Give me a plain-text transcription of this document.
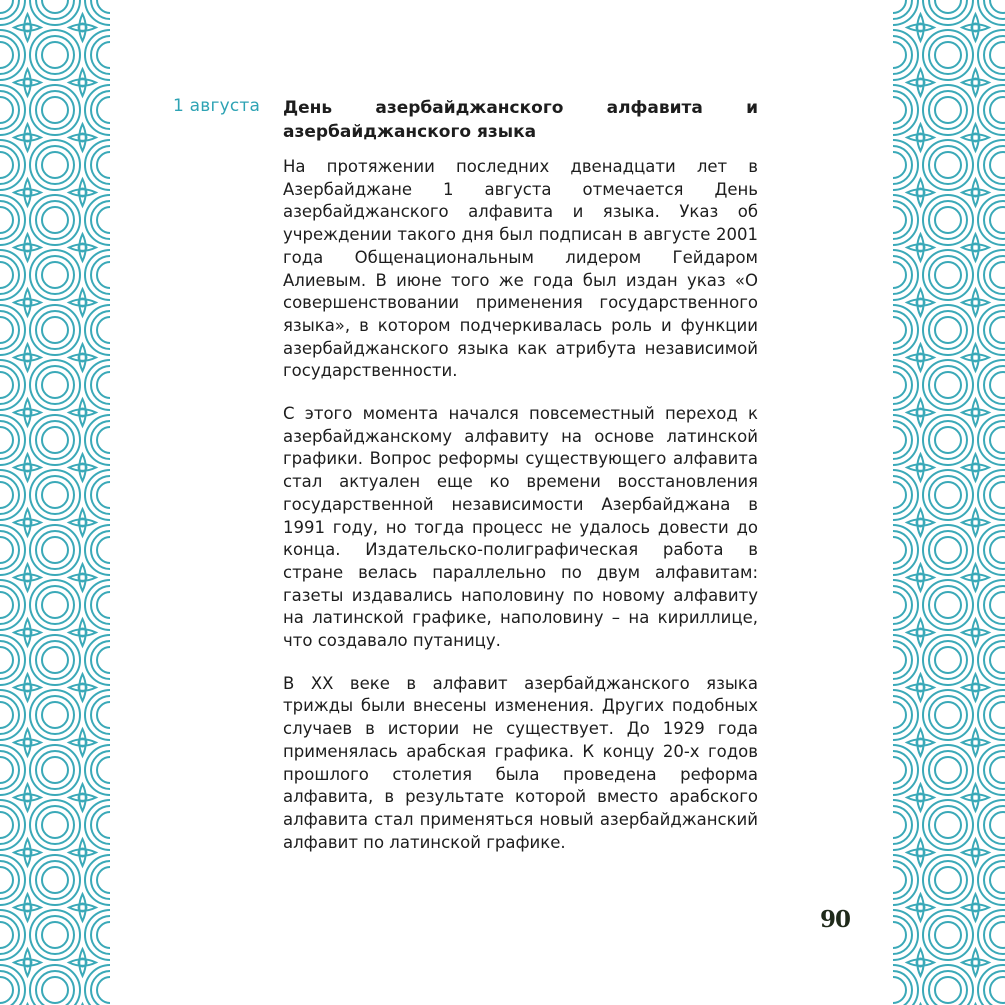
1 августа День азербайджанского алфавита и азербайджанского языка

На протяжении последних двенадцати лет в Азербайджане 1 августа отмечается День азербайджанского алфавита и языка. Указ об учреждении такого дня был подписан в августе 2001 года Общенациональным лидером Гейдаром Алиевым. В июне того же года был издан указ «О совершенствовании применения государственного языка», в котором подчеркивалась роль и функции азербайджанского языка как атрибута независимой государственности.

С этого момента начался повсеместный переход к азербайджанскому алфавиту на основе латинской графики. Вопрос реформы существующего алфавита стал актуален еще ко времени восстановления государственной независимости Азербайджана в 1991 году, но тогда процесс не удалось довести до конца. Издательско-полиграфическая работа в стране велась параллельно по двум алфавитам: газеты издавались наполовину по новому алфавиту на латинской графике, наполовину – на кириллице, что создавало путаницу.

В XX веке в алфавит азербайджанского языка трижды были внесены изменения. Других подобных случаев в истории не существует. До 1929 года применялась арабская графика. К концу 20-х годов прошлого столетия была проведена реформа алфавита, в результате которой вместо арабского алфавита стал применяться новый азербайджанский алфавит по латинской графике.

90
